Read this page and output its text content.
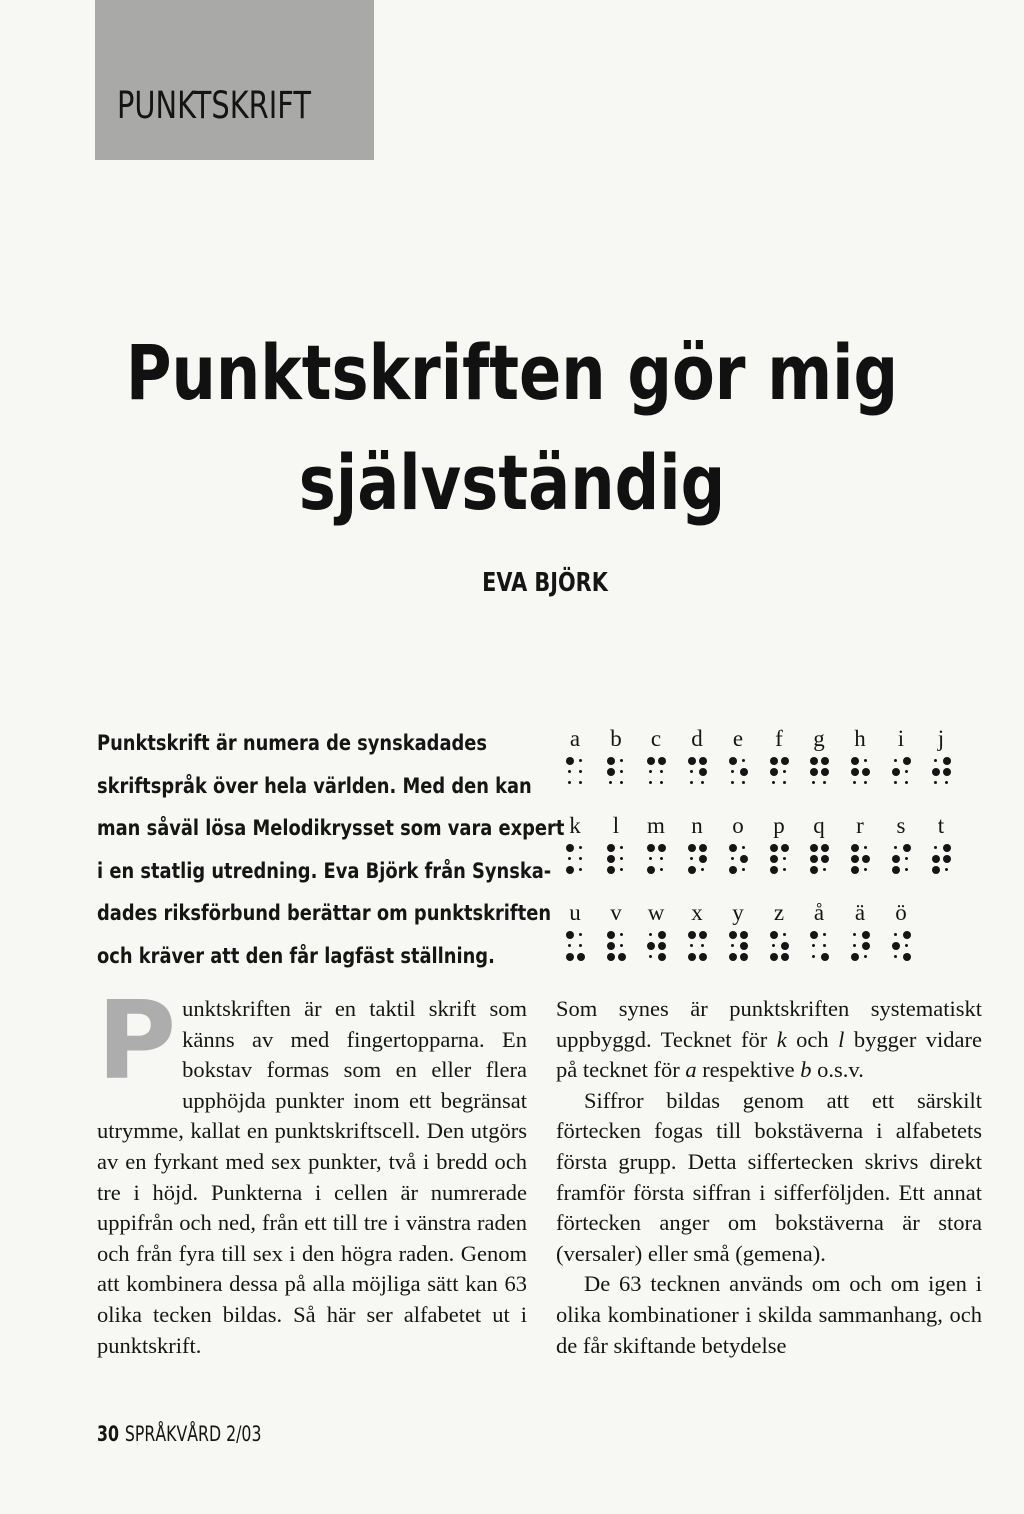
PUNKTSKRIFT
Punktskriften gör mig
självständig
EVA BJÖRK
Punktskrift är numera de synskadades
skriftspråk över hela världen. Med den kan
man såväl lösa Melodikrysset som vara expert
i en statlig utredning. Eva Björk från Synska-
dades riksförbund berättar om punktskriften
och kräver att den får lagfäst ställning.
a	b	c	d	e	f	g	h	i	j
k	l	m	n	o	p	q	r	s	t
u	v	w	x	y	z	å	ä	ö

Punktskriften är en taktil skrift som känns av med fingertopparna. En bokstav formas som en eller flera upphöjda punkter inom ett begränsat utrymme, kallat en punktskriftscell. Den utgörs av en fyrkant med sex punkter, två i bredd och tre i höjd. Punkterna i cellen är numrerade uppifrån och ned, från ett till tre i vänstra raden och från fyra till sex i den högra raden. Genom att kombinera dessa på alla möjliga sätt kan 63 olika tecken bildas. Så här ser alfabetet ut i punktskrift.

Som synes är punktskriften systematiskt uppbyggd. Tecknet för k och l bygger vidare på tecknet för a respektive b o.s.v.

Siffror bildas genom att ett särskilt förtecken fogas till bokstäverna i alfabetets första grupp. Detta siffertecken skrivs direkt framför första siffran i sifferföljden. Ett annat förtecken anger om bokstäverna är stora (versaler) eller små (gemena).

De 63 tecknen används om och om igen i olika kombinationer i skilda sammanhang, och de får skiftande betydelse

30 SPRÅKVÅRD 2/03
